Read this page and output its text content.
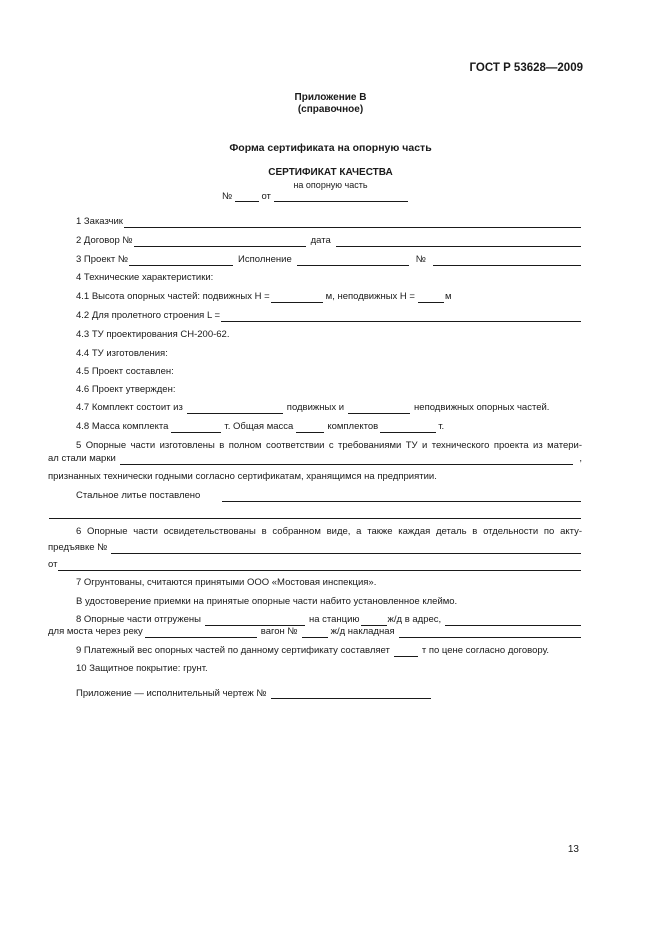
ГОСТ Р 53628—2009
Приложение В
(справочное)
Форма сертификата на опорную часть
СЕРТИФИКАТ КАЧЕСТВА
на опорную часть
№	от
1 Заказчик
2 Договор №	дата
3 Проект №	Исполнение	№
4 Технические характеристики:
4.1 Высота опорных частей: подвижных Н =	м, неподвижных Н =	м
4.2 Для пролетного строения L =
4.3 ТУ проектирования СН-200-62.
4.4 ТУ изготовления:
4.5 Проект составлен:
4.6 Проект утвержден:
4.7 Комплект состоит из	подвижных и	неподвижных опорных частей.
4.8 Масса комплекта	т. Общая масса	комплектов	т.
5 Опорные части изготовлены в полном соответствии с требованиями ТУ и технического проекта из матери-
ал стали марки	,
признанных технически годными согласно сертификатам, хранящимся на предприятии.
Стальное литье поставлено
6 Опорные части освидетельствованы в собранном виде, а также каждая деталь в отдельности по акту-
предъявке №
от
7 Огрунтованы, считаются принятыми ООО «Мостовая инспекция».
В удостоверение приемки на принятые опорные части набито установленное клеймо.
8 Опорные части отгружены	на станцию	ж/д в адрес,
для моста через реку	вагон №	ж/д накладная
9 Платежный вес опорных частей по данному сертификату составляет	т по цене согласно договору.
10 Защитное покрытие: грунт.
Приложение — исполнительный чертеж №
13
